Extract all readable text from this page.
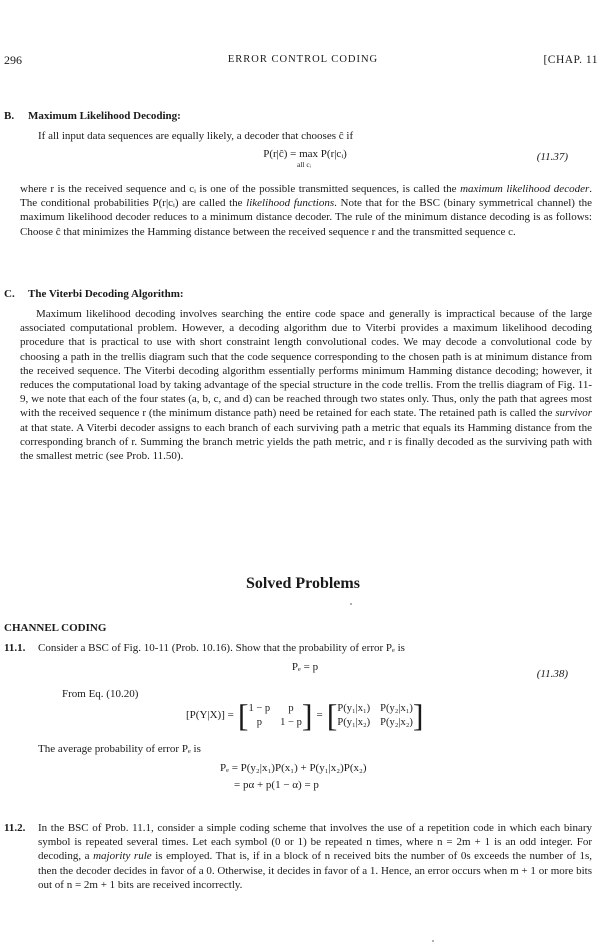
296	ERROR CONTROL CODING	[CHAP. 11
B. Maximum Likelihood Decoding:
If all input data sequences are equally likely, a decoder that chooses ĉ if
P(r|ĉ) = max P(r|cᵢ)
all cᵢ
(11.37)

where r is the received sequence and cᵢ is one of the possible transmitted sequences, is called the maximum likelihood decoder. The conditional probabilities P(r|cᵢ) are called the likelihood functions. Note that for the BSC (binary symmetrical channel) the maximum likelihood decoder reduces to a minimum distance decoder. The rule of the minimum distance decoding is as follows: Choose ĉ that minimizes the Hamming distance between the received sequence r and the transmitted sequence c.

C. The Viterbi Decoding Algorithm:

Maximum likelihood decoding involves searching the entire code space and generally is impractical because of the large associated computational problem. However, a decoding algorithm due to Viterbi provides a maximum likelihood decoding procedure that is practical to use with short constraint length convolutional codes. We may decode a convolutional code by choosing a path in the trellis diagram such that the code sequence corresponding to the chosen path is at minimum distance from the received sequence. The Viterbi decoding algorithm essentially performs minimum Hamming distance decoding; however, it reduces the computational load by taking advantage of the special structure in the code trellis. From the trellis diagram of Fig. 11-9, we note that each of the four states (a, b, c, and d) can be reached through two states only. Thus, only the path that agrees most with the received sequence r (the minimum distance path) need be retained for each state. The retained path is called the survivor at that state. A Viterbi decoder assigns to each branch of each surviving path a metric that equals its Hamming distance from the corresponding branch of r. Summing the branch metric yields the path metric, and r is finally decoded as the surviving path with the smallest metric (see Prob. 11.50).

Solved Problems
CHANNEL CODING
11.1. Consider a BSC of Fig. 10-11 (Prob. 10.16). Show that the probability of error Pₑ is
Pₑ = p
(11.38)
From Eq. (10.20)
[P(Y|X)] = [ 1 − p	p
p	1 − p ] = [ P(y₁|x₁) P(y₂|x₁)
P(y₁|x₂) P(y₂|x₂) ]
The average probability of error Pₑ is
Pₑ = P(y₂|x₁)P(x₁) + P(y₁|x₂)P(x₂)
= pα + p(1 − α) = p
11.2. In the BSC of Prob. 11.1, consider a simple coding scheme that involves the use of a repetition code in which each binary symbol is repeated several times. Let each symbol (0 or 1) be repeated n times, where n = 2m + 1 is an odd integer. For decoding, a majority rule is employed. That is, if in a block of n received bits the number of 0s exceeds the number of 1s, then the decoder decides in favor of a 0. Otherwise, it decides in favor of a 1. Hence, an error occurs when m + 1 or more bits out of n = 2m + 1 bits are received incorrectly.
